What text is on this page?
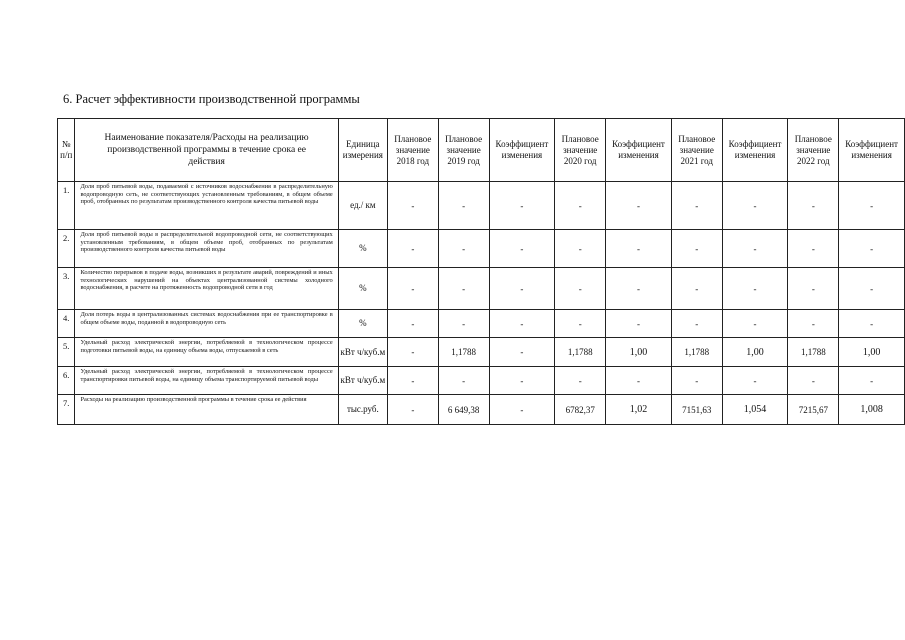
6. Расчет эффективности производственной программы
№ п/п	Наименование показателя/Расходы на реализацию производственной программы в течение срока ее действия	Единица измерения	Плановое значение 2018 год	Плановое значение 2019 год	Коэффициент изменения	Плановое значение 2020 год	Коэффициент изменения	Плановое значение 2021 год	Коэффициент изменения	Плановое значение 2022 год	Коэффициент изменения
1.	Доля проб питьевой воды, подаваемой с источников водоснабжения в распределительную водопроводную сеть, не соответствующих установленным требованиям, в общем объеме проб, отобранных по результатам производственного контроля качества питьевой воды	ед./ км	-	-	-	-	-	-	-	-	-
2.	Доля проб питьевой воды в распределительной водопроводной сети, не соответствующих установленным требованиям, в общем объеме проб, отобранных по результатам производственного контроля качества питьевой воды	%	-	-	-	-	-	-	-	-	-
3.	Количество перерывов в подаче воды, возникших в результате аварий, повреждений и иных технологических нарушений на объектах централизованной системы холодного водоснабжения, в расчете на протяженность водопроводной сети в год	%	-	-	-	-	-	-	-	-	-
4.	Доля потерь воды в централизованных системах водоснабжения при ее транспортировке в общем объеме воды, поданной в водопроводную сеть	%	-	-	-	-	-	-	-	-	-
5.	Удельный расход электрической энергии, потребляемой в технологическом процессе подготовки питьевой воды, на единицу объема воды, отпускаемой в сеть	кВт ч/куб.м	-	1,1788	-	1,1788	1,00	1,1788	1,00	1,1788	1,00
6.	Удельный расход электрической энергии, потребляемой в технологическом процессе транспортировки питьевой воды, на единицу объема транспортируемой питьевой воды	кВт ч/куб.м	-	-	-	-	-	-	-	-	-
7.	Расходы на реализацию производственной программы в течение срока ее действия	тыс.руб.	-	6 649,38	-	6782,37	1,02	7151,63	1,054	7215,67	1,008
